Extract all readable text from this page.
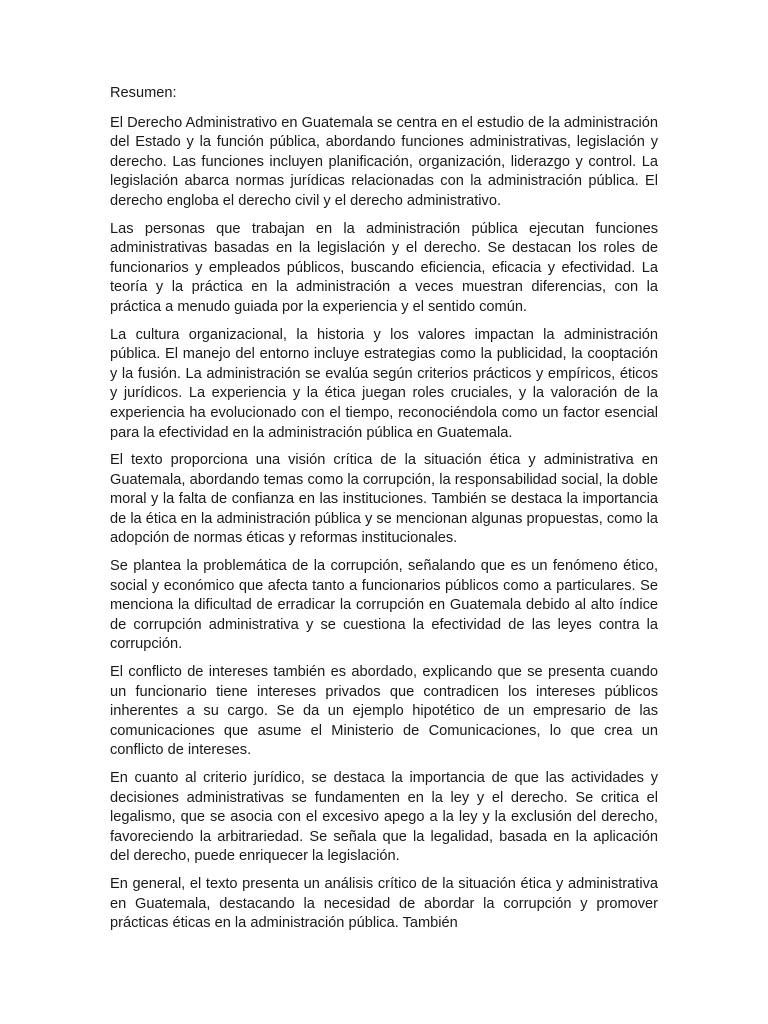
Resumen:

El Derecho Administrativo en Guatemala se centra en el estudio de la administración del Estado y la función pública, abordando funciones administrativas, legislación y derecho. Las funciones incluyen planificación, organización, liderazgo y control. La legislación abarca normas jurídicas relacionadas con la administración pública. El derecho engloba el derecho civil y el derecho administrativo.

Las personas que trabajan en la administración pública ejecutan funciones administrativas basadas en la legislación y el derecho. Se destacan los roles de funcionarios y empleados públicos, buscando eficiencia, eficacia y efectividad. La teoría y la práctica en la administración a veces muestran diferencias, con la práctica a menudo guiada por la experiencia y el sentido común.

La cultura organizacional, la historia y los valores impactan la administración pública. El manejo del entorno incluye estrategias como la publicidad, la cooptación y la fusión. La administración se evalúa según criterios prácticos y empíricos, éticos y jurídicos. La experiencia y la ética juegan roles cruciales, y la valoración de la experiencia ha evolucionado con el tiempo, reconociéndola como un factor esencial para la efectividad en la administración pública en Guatemala.

El texto proporciona una visión crítica de la situación ética y administrativa en Guatemala, abordando temas como la corrupción, la responsabilidad social, la doble moral y la falta de confianza en las instituciones. También se destaca la importancia de la ética en la administración pública y se mencionan algunas propuestas, como la adopción de normas éticas y reformas institucionales.

Se plantea la problemática de la corrupción, señalando que es un fenómeno ético, social y económico que afecta tanto a funcionarios públicos como a particulares. Se menciona la dificultad de erradicar la corrupción en Guatemala debido al alto índice de corrupción administrativa y se cuestiona la efectividad de las leyes contra la corrupción.

El conflicto de intereses también es abordado, explicando que se presenta cuando un funcionario tiene intereses privados que contradicen los intereses públicos inherentes a su cargo. Se da un ejemplo hipotético de un empresario de las comunicaciones que asume el Ministerio de Comunicaciones, lo que crea un conflicto de intereses.

En cuanto al criterio jurídico, se destaca la importancia de que las actividades y decisiones administrativas se fundamenten en la ley y el derecho. Se critica el legalismo, que se asocia con el excesivo apego a la ley y la exclusión del derecho, favoreciendo la arbitrariedad. Se señala que la legalidad, basada en la aplicación del derecho, puede enriquecer la legislación.

En general, el texto presenta un análisis crítico de la situación ética y administrativa en Guatemala, destacando la necesidad de abordar la corrupción y promover prácticas éticas en la administración pública. También
